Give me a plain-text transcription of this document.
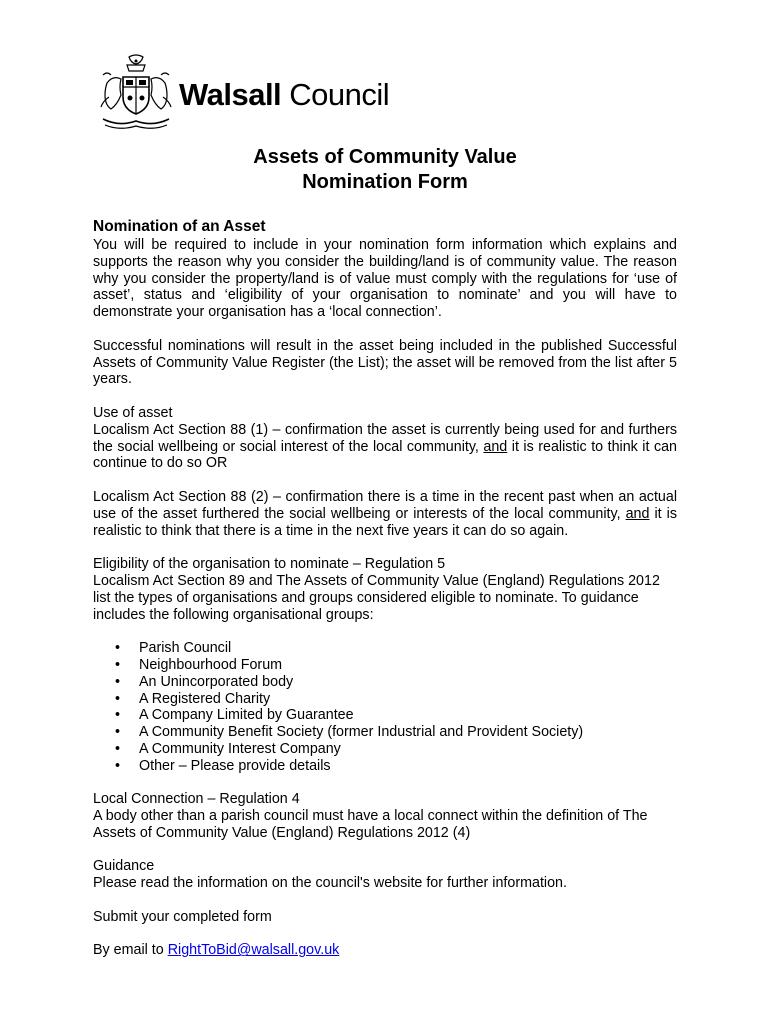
Walsall Council
Assets of Community Value
Nomination Form
Nomination of an Asset

You will be required to include in your nomination form information which explains and supports the reason why you consider the building/land is of community value. The reason why you consider the property/land is of value must comply with the regulations for ‘use of asset’, status and ‘eligibility of your organisation to nominate’ and you will have to demonstrate your organisation has a ‘local connection’.

Successful nominations will result in the asset being included in the published Successful Assets of Community Value Register (the List); the asset will be removed from the list after 5 years.

Use of asset

Localism Act Section 88 (1) – confirmation the asset is currently being used for and furthers the social wellbeing or social interest of the local community, and it is realistic to think it can continue to do so OR

Localism Act Section 88 (2) – confirmation there is a time in the recent past when an actual use of the asset furthered the social wellbeing or interests of the local community, and it is realistic to think that there is a time in the next five years it can do so again.

Eligibility of the organisation to nominate – Regulation 5

Localism Act Section 89 and The Assets of Community Value (England) Regulations 2012 list the types of organisations and groups considered eligible to nominate. To guidance includes the following organisational groups:

• Parish Council
• Neighbourhood Forum
• An Unincorporated body
• A Registered Charity
• A Company Limited by Guarantee
• A Community Benefit Society (former Industrial and Provident Society)
• A Community Interest Company
• Other – Please provide details
Local Connection – Regulation 4

A body other than a parish council must have a local connect within the definition of The Assets of Community Value (England) Regulations 2012 (4)

Guidance

Please read the information on the council's website for further information.

Submit your completed form

By email to RightToBid@walsall.gov.uk
